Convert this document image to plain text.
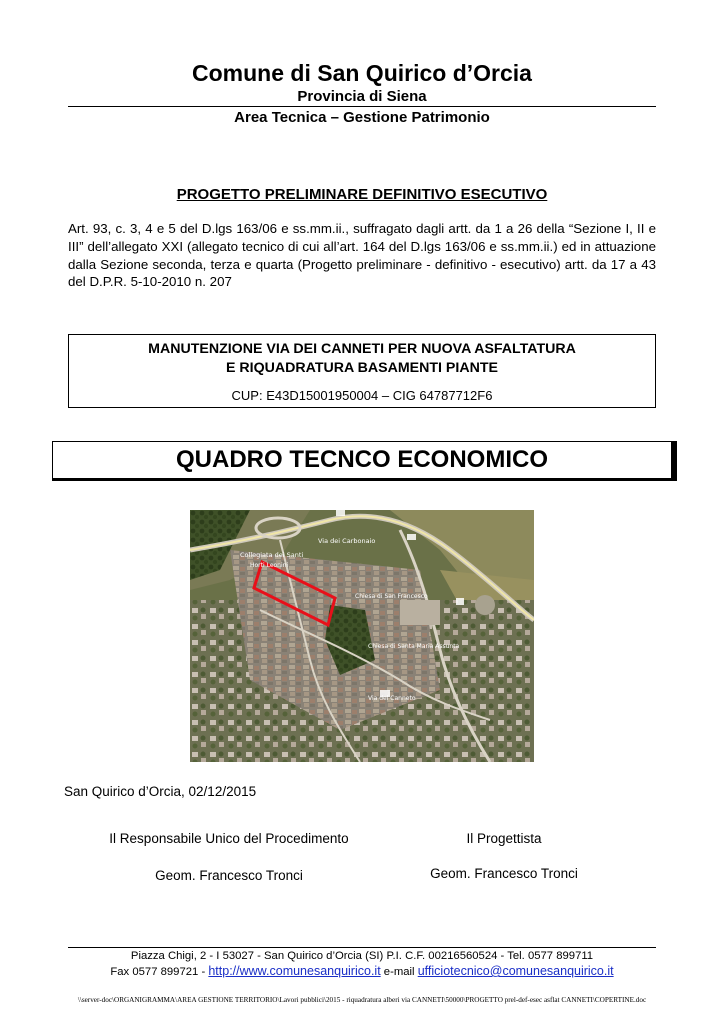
Comune di San Quirico d’Orcia
Provincia di Siena
Area Tecnica – Gestione Patrimonio
PROGETTO PRELIMINARE DEFINITIVO ESECUTIVO
Art. 93, c. 3, 4 e 5 del D.lgs 163/06 e ss.mm.ii., suffragato dagli artt. da 1 a 26 della “Sezione I, II e III” dell’allegato XXI (allegato tecnico di cui all’art. 164 del D.lgs 163/06 e ss.mm.ii.) ed in attuazione dalla Sezione seconda, terza e quarta (Progetto preliminare - definitivo - esecutivo) artt. da 17 a 43 del D.P.R. 5-10-2010 n. 207
MANUTENZIONE VIA DEI CANNETI PER NUOVA ASFALTATURA
E RIQUADRATURA BASAMENTI PIANTE
CUP: E43D15001950004 – CIG 64787712F6
QUADRO TECNCO ECONOMICO
Via dei Carbonaio
Collegiata dei Santi
Horti Leonini
Chiesa di San Francesco
Chiesa di Santa Maria Assunta
Via del Canneto
San Quirico d’Orcia, 02/12/2015
Il Responsabile Unico del Procedimento
Geom. Francesco Tronci
Il Progettista
Geom. Francesco Tronci
Piazza Chigi, 2 - I 53027 - San Quirico d’Orcia (SI) P.I. C.F. 00216560524 - Tel. 0577 899711
Fax 0577 899721 - http://www.comunesanquirico.it e-mail ufficiotecnico@comunesanquirico.it
\\server-doc\ORGANIGRAMMA\AREA GESTIONE TERRITORIO\Lavori pubblici\2015 - riquadratura alberi via CANNETI\50000\PROGETTO prel-def-esec asflat CANNETI\COPERTINE.doc
